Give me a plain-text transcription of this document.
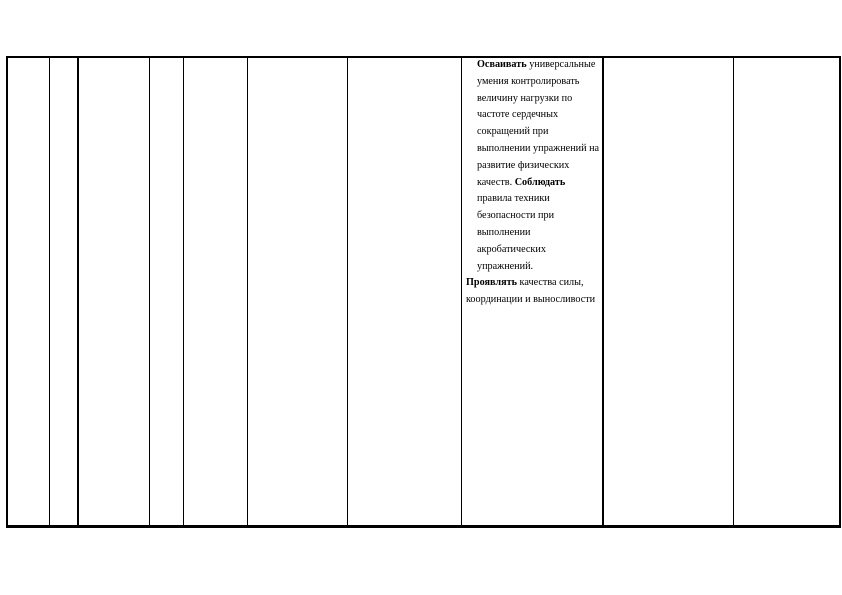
Осваивать универсальные умения контролировать величину нагрузки по частоте сердечных сокращений при выполнении упражнений на развитие физических качеств. Соблюдать правила техники безопасности при выполнении акробатических упражнений.

Проявлять качества силы, координации и выносливости
